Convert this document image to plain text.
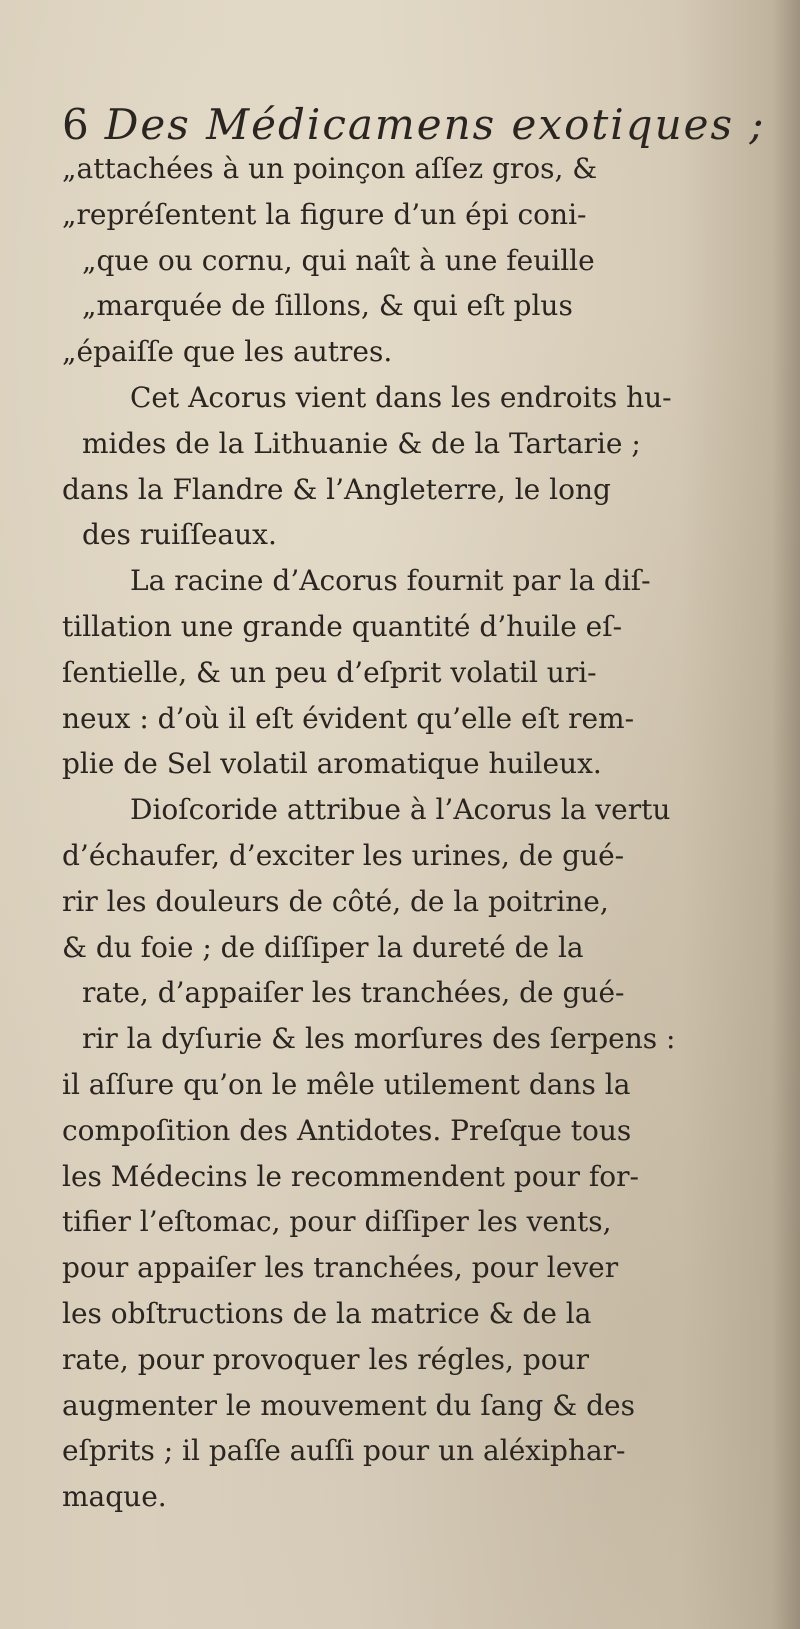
6 Des Médicamens exotiques ;
„attachées à un poinçon aſſez gros, &
„repréſentent la figure d’un épi coni-
„que ou cornu, qui naît à une feuille
„marquée de ſillons, & qui eſt plus
„épaiſſe que les autres.
Cet Acorus vient dans les endroits hu-
mides de la Lithuanie & de la Tartarie ;
dans la Flandre & l’Angleterre, le long
des ruiſſeaux.
La racine d’Acorus fournit par la diſ-
tillation une grande quantité d’huile eſ-
ſentielle, & un peu d’eſprit volatil uri-
neux : d’où il eſt évident qu’elle eſt rem-
plie de Sel volatil aromatique huileux.
Dioſcoride attribue à l’Acorus la vertu
d’échaufer, d’exciter les urines, de gué-
rir les douleurs de côté, de la poitrine,
& du foie ; de diſſiper la dureté de la
rate, d’appaiſer les tranchées, de gué-
rir la dyſurie & les morſures des ſerpens :
il aſſure qu’on le mêle utilement dans la
compoſition des Antidotes. Preſque tous
les Médecins le recommendent pour for-
tifier l’eſtomac, pour diſſiper les vents,
pour appaiſer les tranchées, pour lever
les obſtructions de la matrice & de la
rate, pour provoquer les régles, pour
augmenter le mouvement du ſang & des
eſprits ; il paſſe auſſi pour un aléxiphar-
maque.
